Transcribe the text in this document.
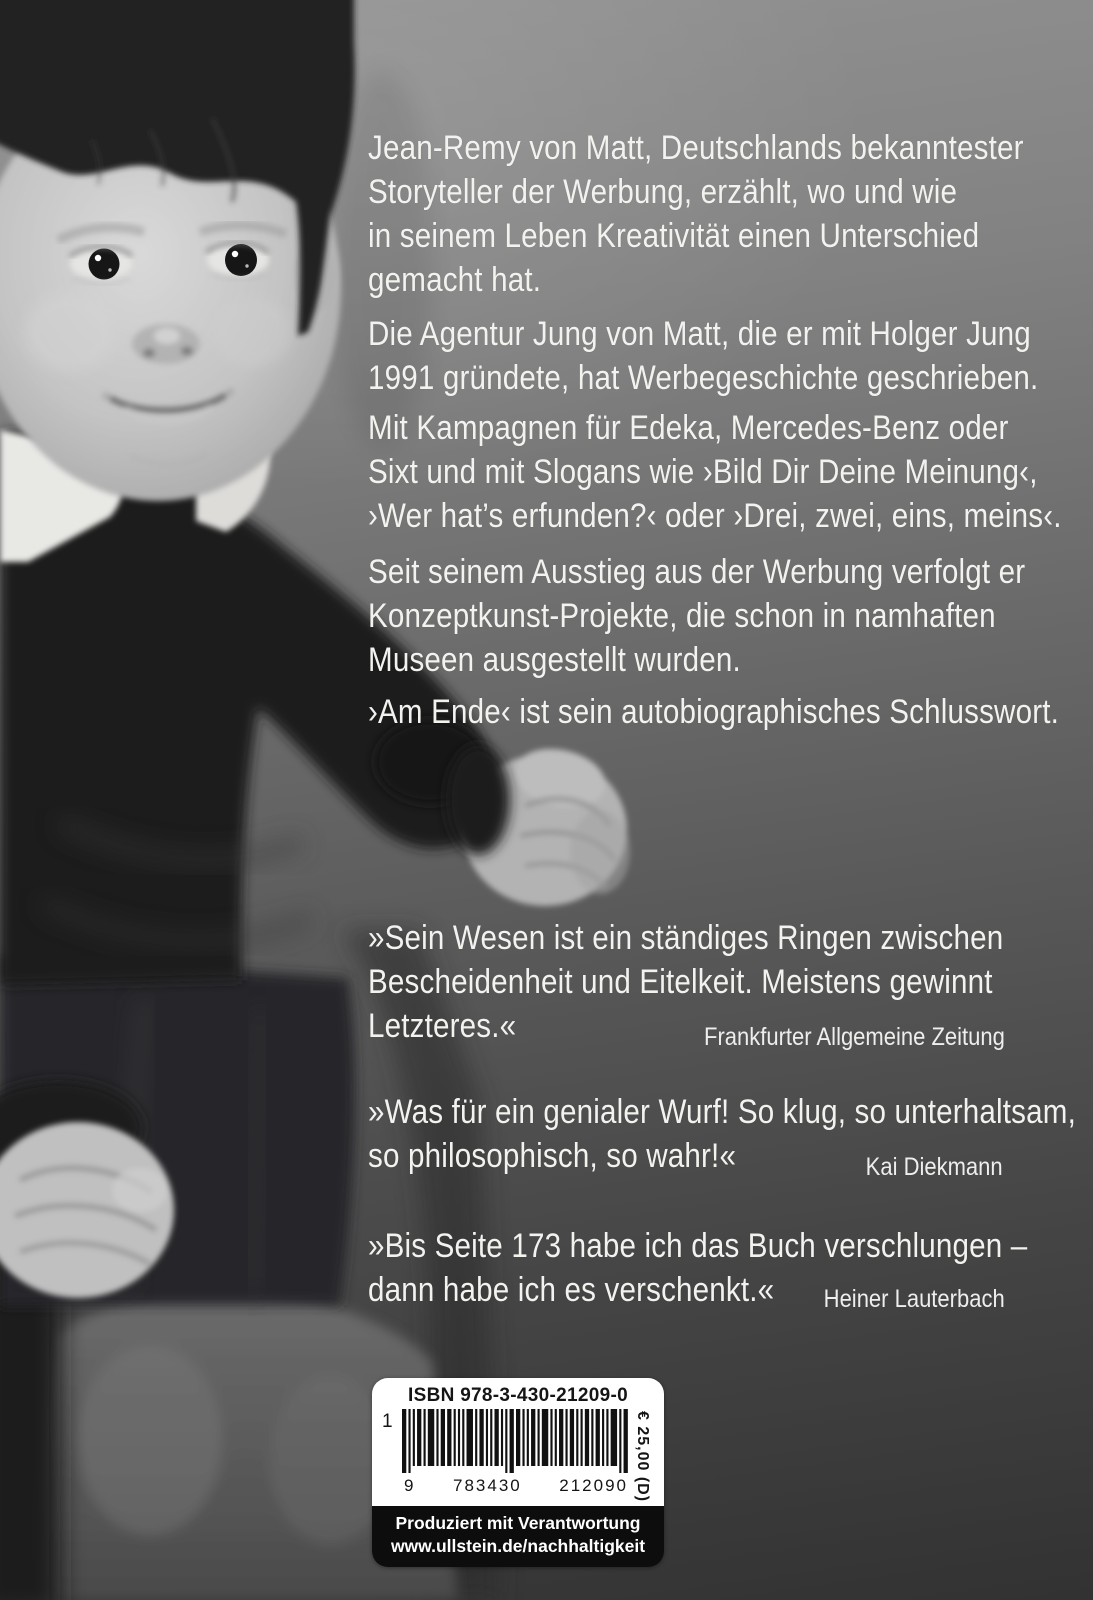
Jean-Remy von Matt, Deutschlands bekanntester
Storyteller der Werbung, erzählt, wo und wie
in seinem Leben Kreativität einen Unterschied
gemacht hat.
Die Agentur Jung von Matt, die er mit Holger Jung
1991 gründete, hat Werbegeschichte geschrieben.
Mit Kampagnen für Edeka, Mercedes-Benz oder
Sixt und mit Slogans wie ›Bild Dir Deine Meinung‹,
›Wer hat’s erfunden?‹ oder ›Drei, zwei, eins, meins‹.
Seit seinem Ausstieg aus der Werbung verfolgt er
Konzeptkunst-Projekte, die schon in namhaften
Museen ausgestellt wurden.
›Am Ende‹ ist sein autobiographisches Schlusswort.
»Sein Wesen ist ein ständiges Ringen zwischen
Bescheidenheit und Eitelkeit. Meistens gewinnt
Letzteres.«	Frankfurter Allgemeine Zeitung
»Was für ein genialer Wurf! So klug, so unterhaltsam,
so philosophisch, so wahr!«	Kai Diekmann
»Bis Seite 173 habe ich das Buch verschlungen –
dann habe ich es verschenkt.«	Heiner Lauterbach
ISBN 978-3-430-21209-0
1
9 783430 212090 € 25,00 (D)
Produziert mit Verantwortung
www.ullstein.de/nachhaltigkeit
